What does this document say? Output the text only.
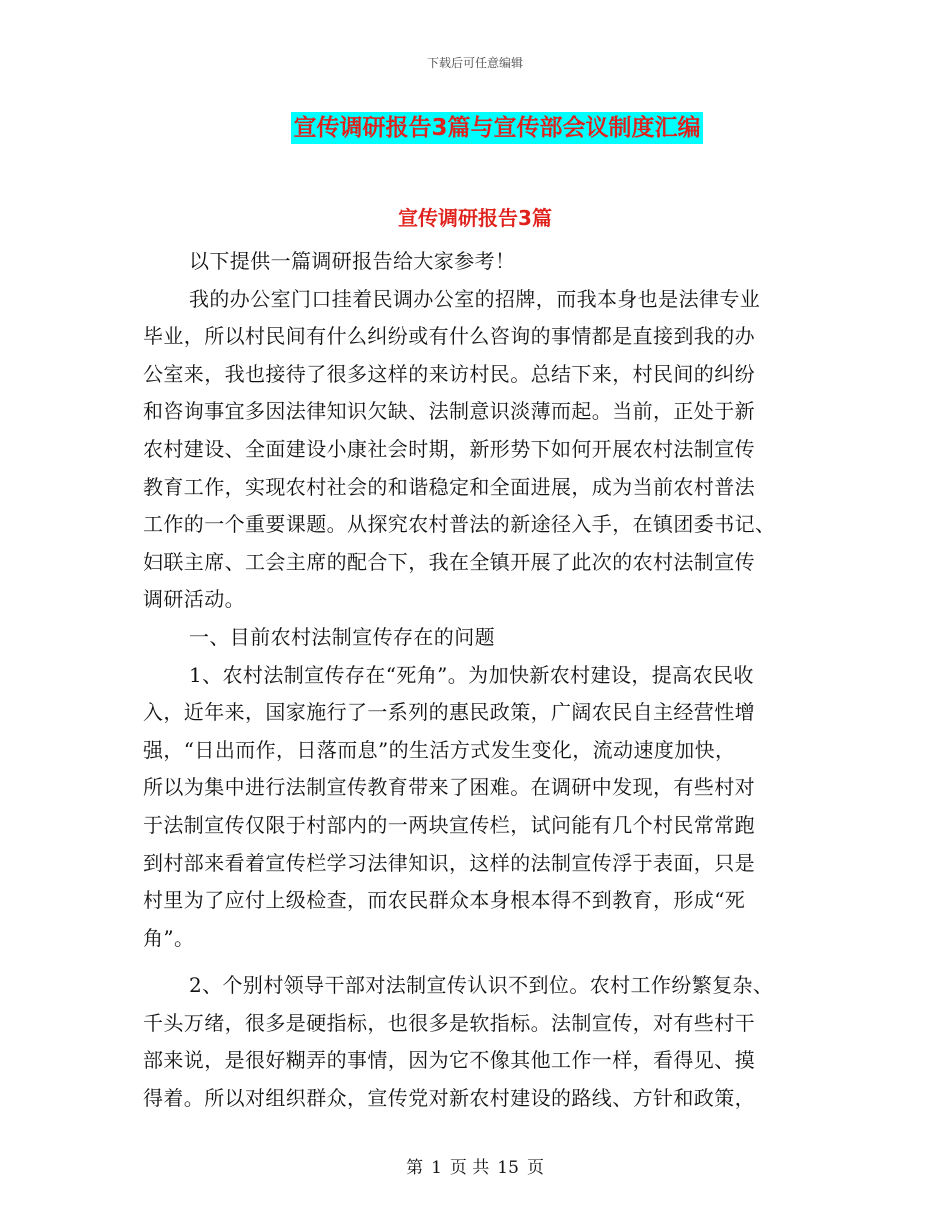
下载后可任意编辑
宣传调研报告3篇与宣传部会议制度汇编
宣传调研报告3篇
以下提供一篇调研报告给大家参考！
我的办公室门口挂着民调办公室的招牌，而我本身也是法律专业
毕业，所以村民间有什么纠纷或有什么咨询的事情都是直接到我的办
公室来，我也接待了很多这样的来访村民。总结下来，村民间的纠纷
和咨询事宜多因法律知识欠缺、法制意识淡薄而起。当前，正处于新
农村建设、全面建设小康社会时期，新形势下如何开展农村法制宣传
教育工作，实现农村社会的和谐稳定和全面进展，成为当前农村普法
工作的一个重要课题。从探究农村普法的新途径入手，在镇团委书记、
妇联主席、工会主席的配合下，我在全镇开展了此次的农村法制宣传
调研活动。
一、目前农村法制宣传存在的问题
1、农村法制宣传存在“死角”。为加快新农村建设，提高农民收
入，近年来，国家施行了一系列的惠民政策，广阔农民自主经营性增
强，“日出而作，日落而息”的生活方式发生变化，流动速度加快，
所以为集中进行法制宣传教育带来了困难。在调研中发现，有些村对
于法制宣传仅限于村部内的一两块宣传栏，试问能有几个村民常常跑
到村部来看着宣传栏学习法律知识，这样的法制宣传浮于表面，只是
村里为了应付上级检查，而农民群众本身根本得不到教育，形成“死
角”。
2、个别村领导干部对法制宣传认识不到位。农村工作纷繁复杂、
千头万绪，很多是硬指标，也很多是软指标。法制宣传，对有些村干
部来说，是很好糊弄的事情，因为它不像其他工作一样，看得见、摸
得着。所以对组织群众，宣传党对新农村建设的路线、方针和政策，
第 1 页 共 15 页
